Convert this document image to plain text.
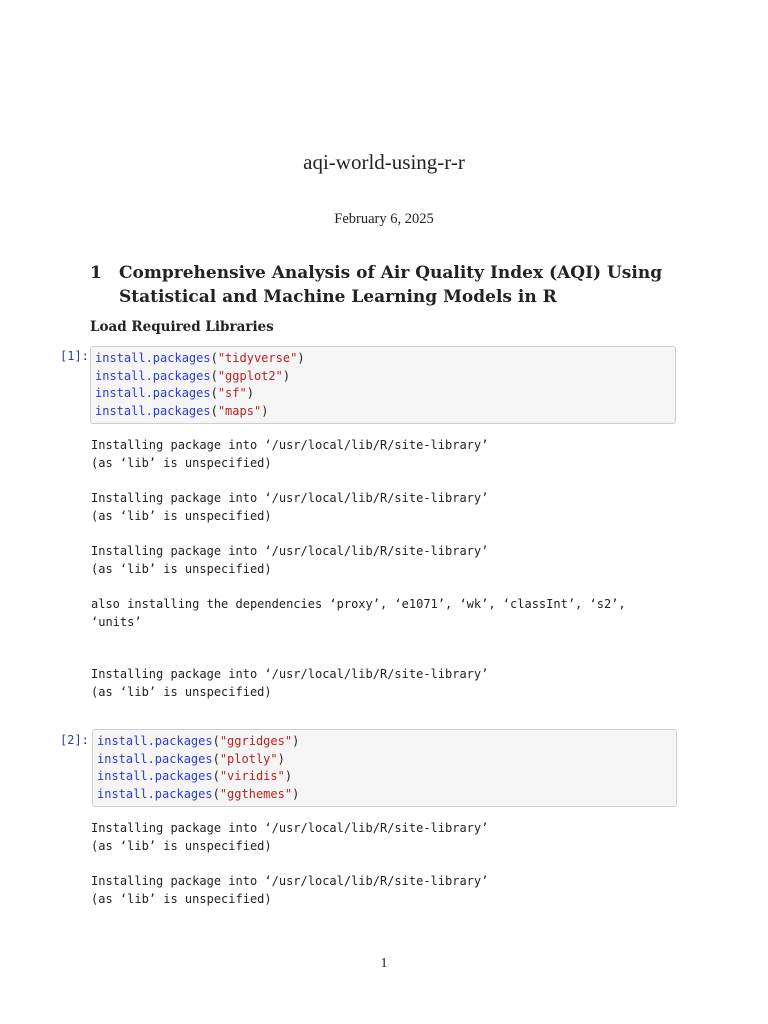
aqi-world-using-r-r
February 6, 2025
1 Comprehensive Analysis of Air Quality Index (AQI) Using Statistical and Machine Learning Models in R
Load Required Libraries
[1]: install.packages("tidyverse")
install.packages("ggplot2")
install.packages("sf")
install.packages("maps")
Installing package into ‘/usr/local/lib/R/site-library’
(as ‘lib’ is unspecified)
Installing package into ‘/usr/local/lib/R/site-library’
(as ‘lib’ is unspecified)
Installing package into ‘/usr/local/lib/R/site-library’
(as ‘lib’ is unspecified)
also installing the dependencies ‘proxy’, ‘e1071’, ‘wk’, ‘classInt’, ‘s2’,
‘units’
Installing package into ‘/usr/local/lib/R/site-library’
(as ‘lib’ is unspecified)
[2]: install.packages("ggridges")
install.packages("plotly")
install.packages("viridis")
install.packages("ggthemes")
Installing package into ‘/usr/local/lib/R/site-library’
(as ‘lib’ is unspecified)
Installing package into ‘/usr/local/lib/R/site-library’
(as ‘lib’ is unspecified)
1
